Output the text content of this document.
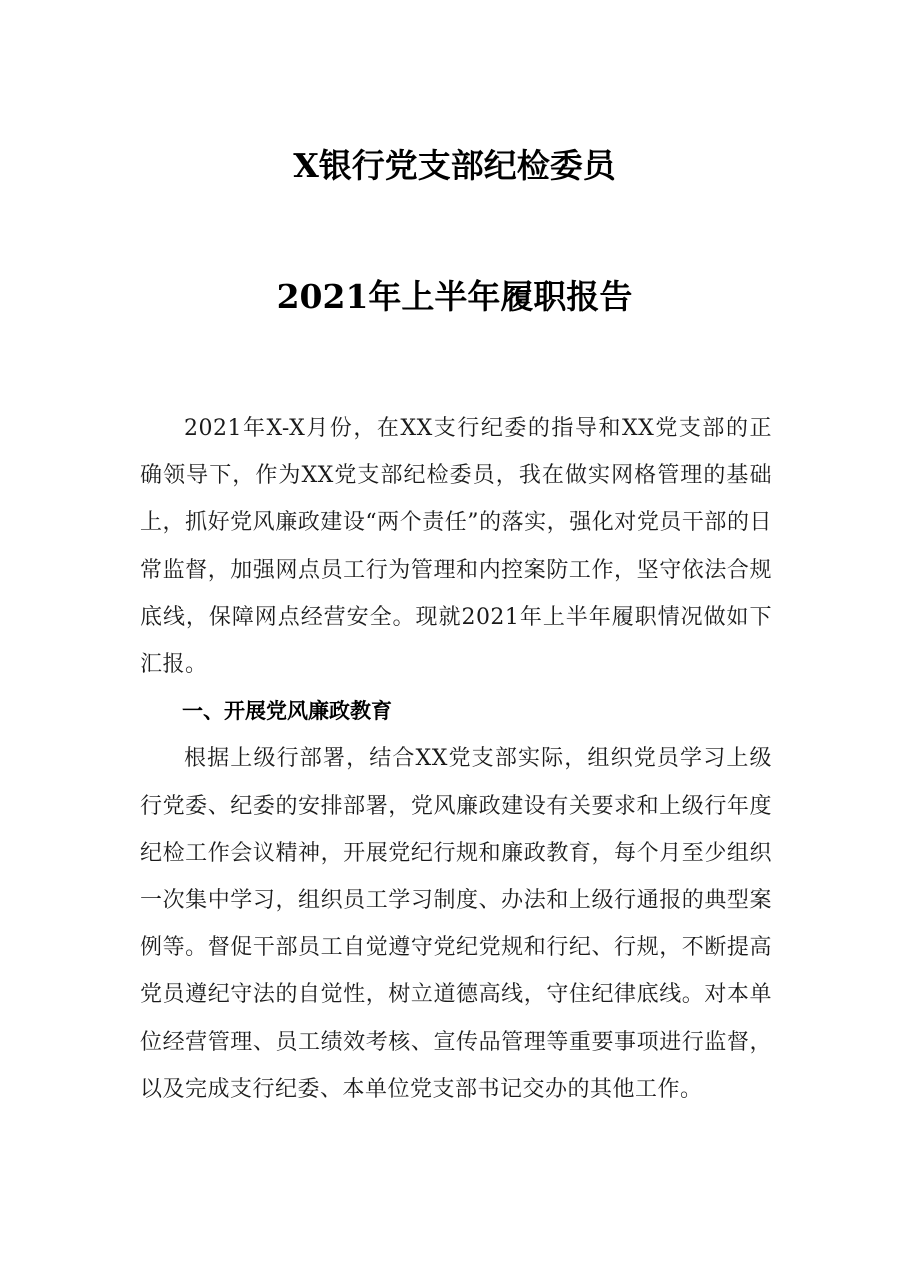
X银行党支部纪检委员
2021年上半年履职报告

2021年X-X月份，在XX支行纪委的指导和XX党支部的正确领导下，作为XX党支部纪检委员，我在做实网格管理的基础上，抓好党风廉政建设“两个责任”的落实，强化对党员干部的日常监督，加强网点员工行为管理和内控案防工作，坚守依法合规底线，保障网点经营安全。现就2021年上半年履职情况做如下汇报。

一、开展党风廉政教育

根据上级行部署，结合XX党支部实际，组织党员学习上级行党委、纪委的安排部署，党风廉政建设有关要求和上级行年度纪检工作会议精神，开展党纪行规和廉政教育，每个月至少组织一次集中学习，组织员工学习制度、办法和上级行通报的典型案例等。督促干部员工自觉遵守党纪党规和行纪、行规，不断提高党员遵纪守法的自觉性，树立道德高线，守住纪律底线。对本单位经营管理、员工绩效考核、宣传品管理等重要事项进行监督，以及完成支行纪委、本单位党支部书记交办的其他工作。
